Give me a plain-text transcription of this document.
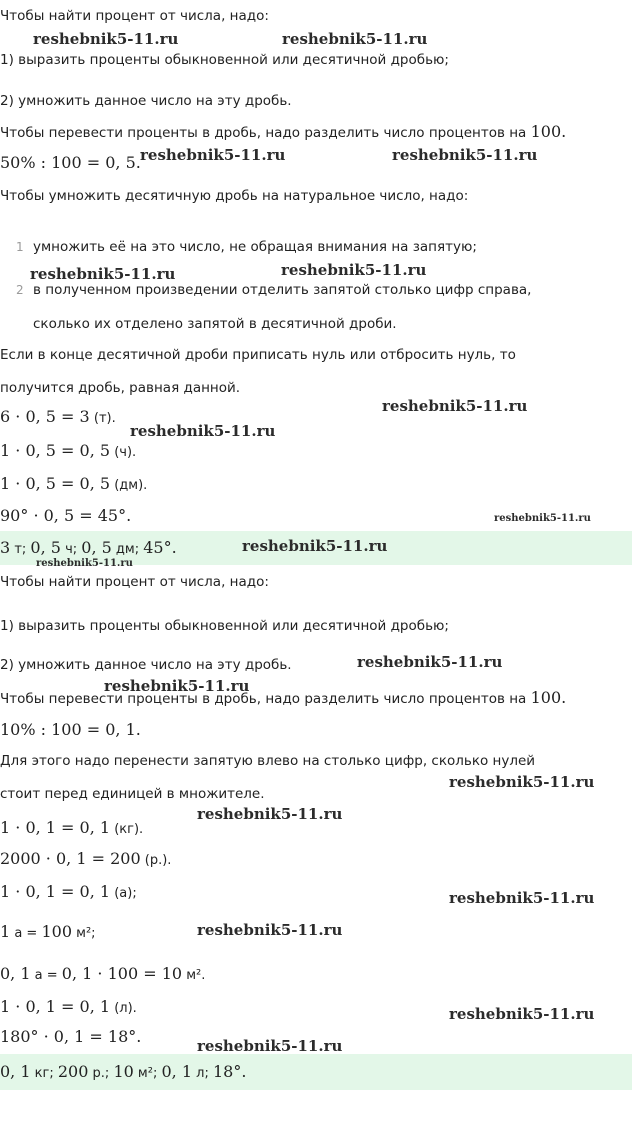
Чтобы найти процент от числа, надо:
1) выразить проценты обыкновенной или десятичной дробью;
2) умножить данное число на эту дробь.
Чтобы перевести проценты в дробь, надо разделить число процентов на 100.
50% : 100 = 0, 5.
Чтобы умножить десятичную дробь на натуральное число, надо:
1 умножить её на это число, не обращая внимания на запятую;
2 в полученном произведении отделить запятой столько цифр справа,
сколько их отделено запятой в десятичной дроби.
Если в конце десятичной дроби приписать нуль или отбросить нуль, то
получится дробь, равная данной.
6 · 0, 5 = 3 (т).
1 · 0, 5 = 0, 5 (ч).
1 · 0, 5 = 0, 5 (дм).
90° · 0, 5 = 45°.
3 т; 0, 5 ч; 0, 5 дм; 45°.
Чтобы найти процент от числа, надо:
1) выразить проценты обыкновенной или десятичной дробью;
2) умножить данное число на эту дробь.
Чтобы перевести проценты в дробь, надо разделить число процентов на 100.
10% : 100 = 0, 1.
Для этого надо перенести запятую влево на столько цифр, сколько нулей
стоит перед единицей в множителе.
1 · 0, 1 = 0, 1 (кг).
2000 · 0, 1 = 200 (р.).
1 · 0, 1 = 0, 1 (а);
1 а = 100 м²;
0, 1 а = 0, 1 · 100 = 10 м².
1 · 0, 1 = 0, 1 (л).
180° · 0, 1 = 18°.
0, 1 кг; 200 р.; 10 м²; 0, 1 л; 18°.
reshebnik5-11.ru	reshebnik5-11.ru
reshebnik5-11.ru	reshebnik5-11.ru
reshebnik5-11.ru	reshebnik5-11.ru
reshebnik5-11.ru
reshebnik5-11.ru
reshebnik5-11.ru
reshebnik5-11.ru
reshebnik5-11.ru
reshebnik5-11.ru
reshebnik5-11.ru
reshebnik5-11.ru
reshebnik5-11.ru
reshebnik5-11.ru
reshebnik5-11.ru
reshebnik5-11.ru
reshebnik5-11.ru
